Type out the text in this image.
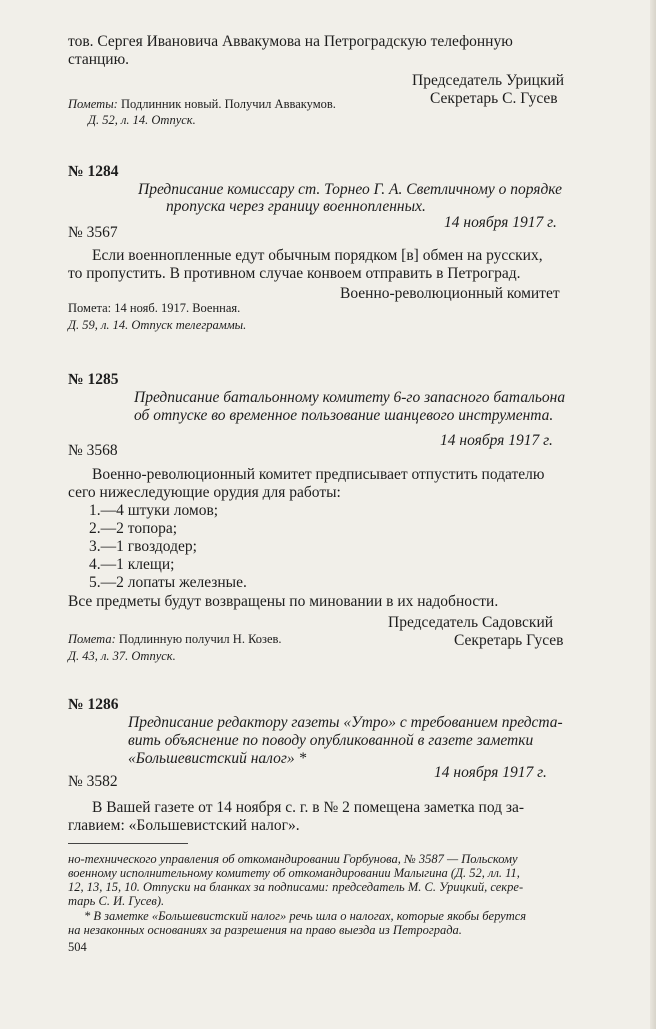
тов. Сергея Ивановича Аввакумова на Петроградскую телефонную
станцию.
Председатель Урицкий
Секретарь С. Гусев
Пометы: Подлинник новый. Получил Аввакумов.
Д. 52, л. 14. Отпуск.
№ 1284
Предписание комиссару ст. Торнео Г. А. Светличному о порядке
пропуска через границу военнопленных.
14 ноября 1917 г.
№ 3567
Если военнопленные едут обычным порядком [в] обмен на русских,
то пропустить. В противном случае конвоем отправить в Петроград.
Военно-революционный комитет
Помета: 14 нояб. 1917. Военная.
Д. 59, л. 14. Отпуск телеграммы.
№ 1285
Предписание батальонному комитету 6-го запасного батальона
об отпуске во временное пользование шанцевого инструмента.
14 ноября 1917 г.
№ 3568
Военно-революционный комитет предписывает отпустить подателю
сего нижеследующие орудия для работы:
1.—4 штуки ломов;
2.—2 топора;
3.—1 гвоздодер;
4.—1 клещи;
5.—2 лопаты железные.
Все предметы будут возвращены по миновании в их надобности.
Председатель Садовский
Секретарь Гусев
Помета: Подлинную получил Н. Козев.
Д. 43, л. 37. Отпуск.
№ 1286
Предписание редактору газеты «Утро» с требованием предста-
вить объяснение по поводу опубликованной в газете заметки
«Большевистский налог» *
14 ноября 1917 г.
№ 3582
В Вашей газете от 14 ноября с. г. в № 2 помещена заметка под за-
главием: «Большевистский налог».
но-технического управления об откомандировании Горбунова, № 3587 — Польскому
военному исполнительному комитету об откомандировании Малыгина (Д. 52, лл. 11,
12, 13, 15, 10. Отпуски на бланках за подписами: председатель М. С. Урицкий, секре-
тарь С. И. Гусев).
* В заметке «Большевистский налог» речь шла о налогах, которые якобы берутся
на незаконных основаниях за разрешения на право выезда из Петрограда.
504
